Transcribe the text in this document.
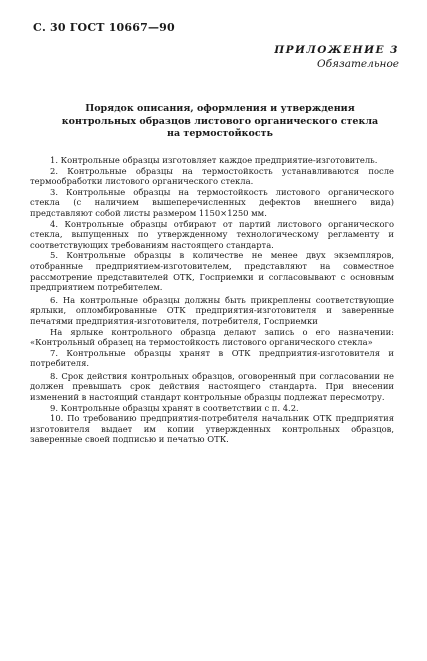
С. 30 ГОСТ 10667—90
ПРИЛОЖЕНИЕ 3
Обязательное
Порядок описания, оформления и утверждения
контрольных образцов листового органического стекла
на термостойкость

1. Контрольные образцы изготовляет каждое предприятие-изготовитель.

2. Контрольные образцы на термостойкость устанавливаются после термообработки листового органического стекла.

3. Контрольные образцы на термостойкость листового органического стекла (с наличием вышеперечисленных дефектов внешнего вида) представляют собой листы размером 1150×1250 мм.

4. Контрольные образцы отбирают от партий листового органического стекла, выпущенных по утвержденному технологическому регламенту и соответствующих требованиям настоящего стандарта.

5. Контрольные образцы в количестве не менее двух экземпляров, отобранные предприятием-изготовителем, представляют на совместное рассмотрение представителей ОТК, Госприемки и согласовывают с основным предприятием потребителем.

6. На контрольные образцы должны быть прикреплены соответствующие ярлыки, опломбированные ОТК предприятия-изготовителя и заверенные печатями предприятия-изготовителя, потребителя, Госприемки

На ярлыке контрольного образца делают запись о его назначении: «Контрольный образец на термостойкость листового органического стекла»

7. Контрольные образцы хранят в ОТК предприятия-изготовителя и потребителя.

8. Срок действия контрольных образцов, оговоренный при согласовании не должен превышать срок действия настоящего стандарта. При внесении изменений в настоящий стандарт контрольные образцы подлежат пересмотру.

9. Контрольные образцы хранят в соответствии с п. 4.2.

10. По требованию предприятия-потребителя начальник ОТК предприятия изготовителя выдает им копии утвержденных контрольных образцов, заверенные своей подписью и печатью ОТК.
